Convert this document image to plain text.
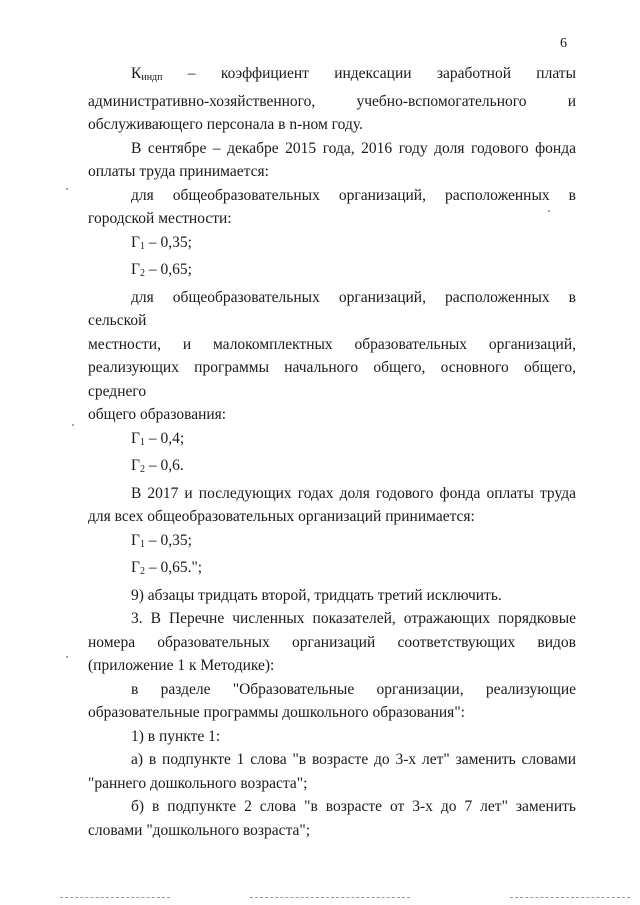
6

$К_{индп}$ – коэффициент индексации заработной платы

административно-хозяйственного, учебно-вспомогательного и

обслуживающего персонала в n-ном году.

В сентябре – декабре 2015 года, 2016 году доля годового фонда

оплаты труда принимается:

для общеобразовательных организаций, расположенных в

городской местности:

$Г_1 - 0,35$;

$Г_2 - 0,65$;

для общеобразовательных организаций, расположенных в сельской

местности, и малокомплектных образовательных организаций,

реализующих программы начального общего, основного общего, среднего

общего образования:

$Г_1 - 0,4$;

$Г_2 - 0,6$.

В 2017 и последующих годах доля годового фонда оплаты труда

для всех общеобразовательных организаций принимается:

$Г_1 - 0,35$;

$Г_2 - 0,65$.";

9) абзацы тридцать второй, тридцать третий исключить.

3. В Перечне численных показателей, отражающих порядковые

номера образовательных организаций соответствующих видов

(приложение 1 к Методике):

в разделе "Образовательные организации, реализующие

образовательные программы дошкольного образования":

1) в пункте 1:

а) в подпункте 1 слова "в возрасте до 3-х лет" заменить словами

"раннего дошкольного возраста";

б) в подпункте 2 слова "в возрасте от 3-х до 7 лет" заменить

словами "дошкольного возраста";
